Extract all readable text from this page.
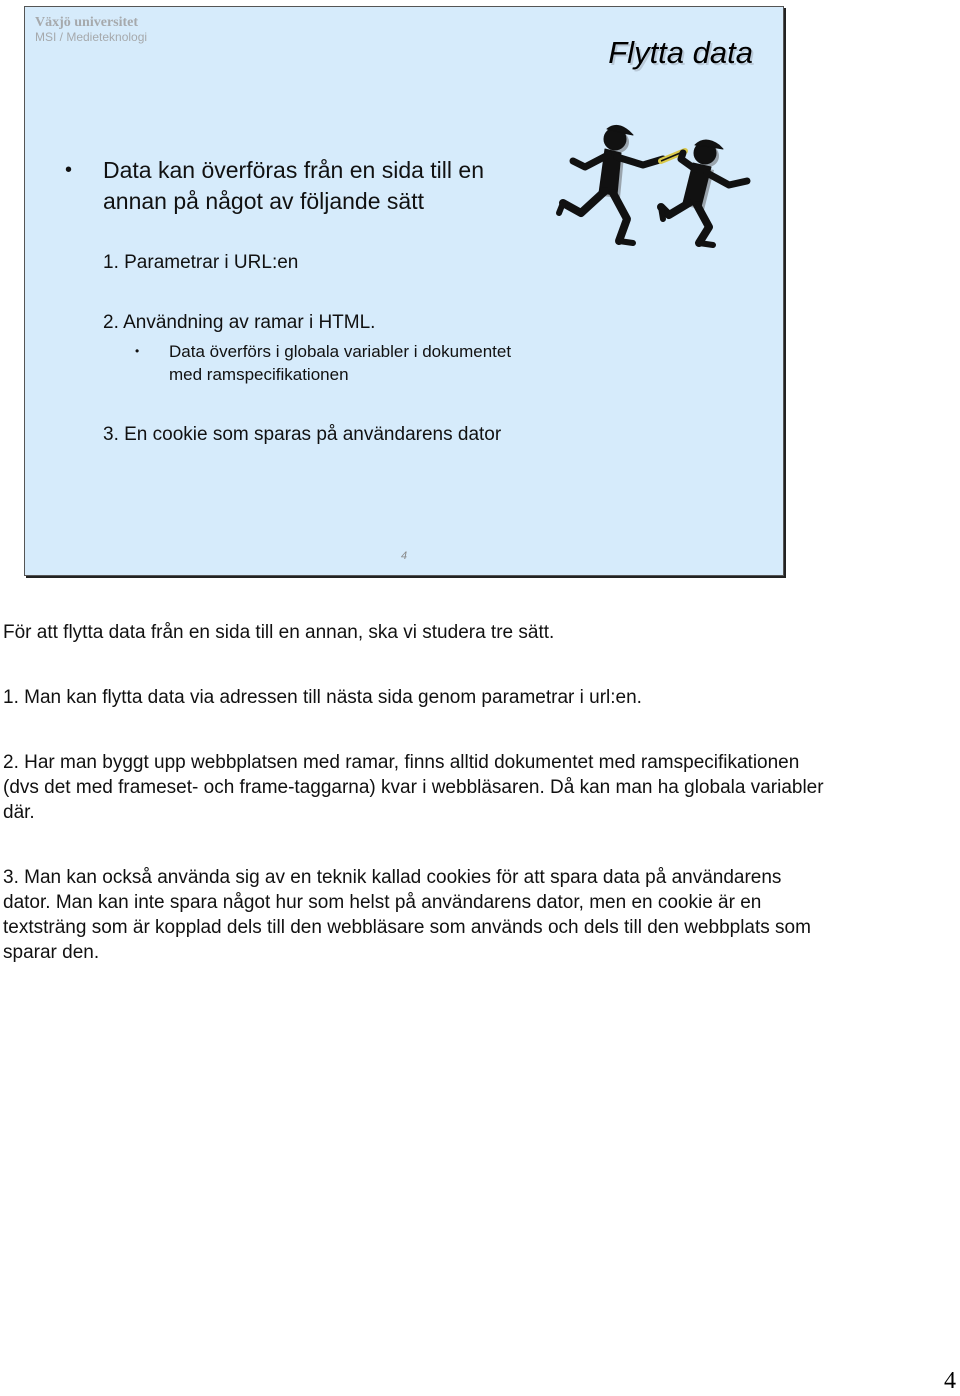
Växjö universitet
MSI / Medieteknologi	Flytta data
• Data kan överföras från en sida till en annan på något av följande sätt
1. Parametrar i URL:en
2. Användning av ramar i HTML.
• Data överförs i globala variabler i dokumentet med ramspecifikationen
3. En cookie som sparas på användarens dator
4

För att flytta data från en sida till en annan, ska vi studera tre sätt.

1. Man kan flytta data via adressen till nästa sida genom parametrar i url:en.

2. Har man byggt upp webbplatsen med ramar, finns alltid dokumentet med ramspecifikationen (dvs det med frameset- och frame-taggarna) kvar i webbläsaren. Då kan man ha globala variabler där.

3. Man kan också använda sig av en teknik kallad cookies för att spara data på användarens dator. Man kan inte spara något hur som helst på användarens dator, men en cookie är en textsträng som är kopplad dels till den webbläsare som används och dels till den webbplats som sparar den.

4
